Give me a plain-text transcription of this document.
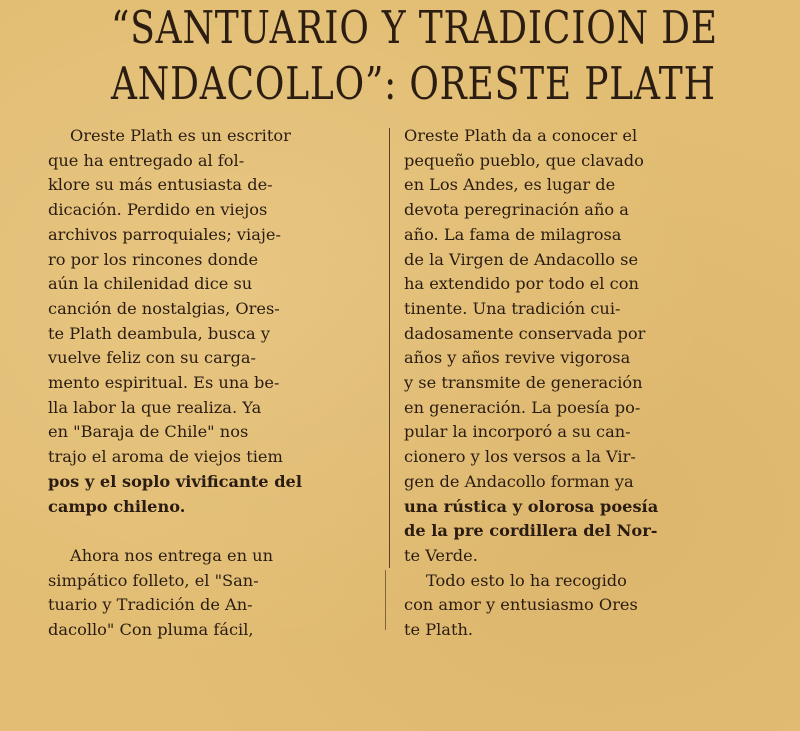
“SANTUARIO Y TRADICION DE
ANDACOLLO”: ORESTE PLATH
Oreste Plath es un escritor
que ha entregado al fol-
klore su más entusiasta de-
dicación. Perdido en viejos
archivos parroquiales; viaje-
ro por los rincones donde
aún la chilenidad dice su
canción de nostalgias, Ores-
te Plath deambula, busca y
vuelve feliz con su carga-
mento espiritual. Es una be-
lla labor la que realiza. Ya
en "Baraja de Chile" nos
trajo el aroma de viejos tiem
pos y el soplo vivificante del
campo chileno.
Ahora nos entrega en un
simpático folleto, el "San-
tuario y Tradición de An-
dacollo" Con pluma fácil,
Oreste Plath da a conocer el
pequeño pueblo, que clavado
en Los Andes, es lugar de
devota peregrinación año a
año. La fama de milagrosa
de la Virgen de Andacollo se
ha extendido por todo el con
tinente. Una tradición cui-
dadosamente conservada por
años y años revive vigorosa
y se transmite de generación
en generación. La poesía po-
pular la incorporó a su can-
cionero y los versos a la Vir-
gen de Andacollo forman ya
una rústica y olorosa poesía
de la pre cordillera del Nor-
te Verde.
Todo esto lo ha recogido
con amor y entusiasmo Ores
te Plath.
